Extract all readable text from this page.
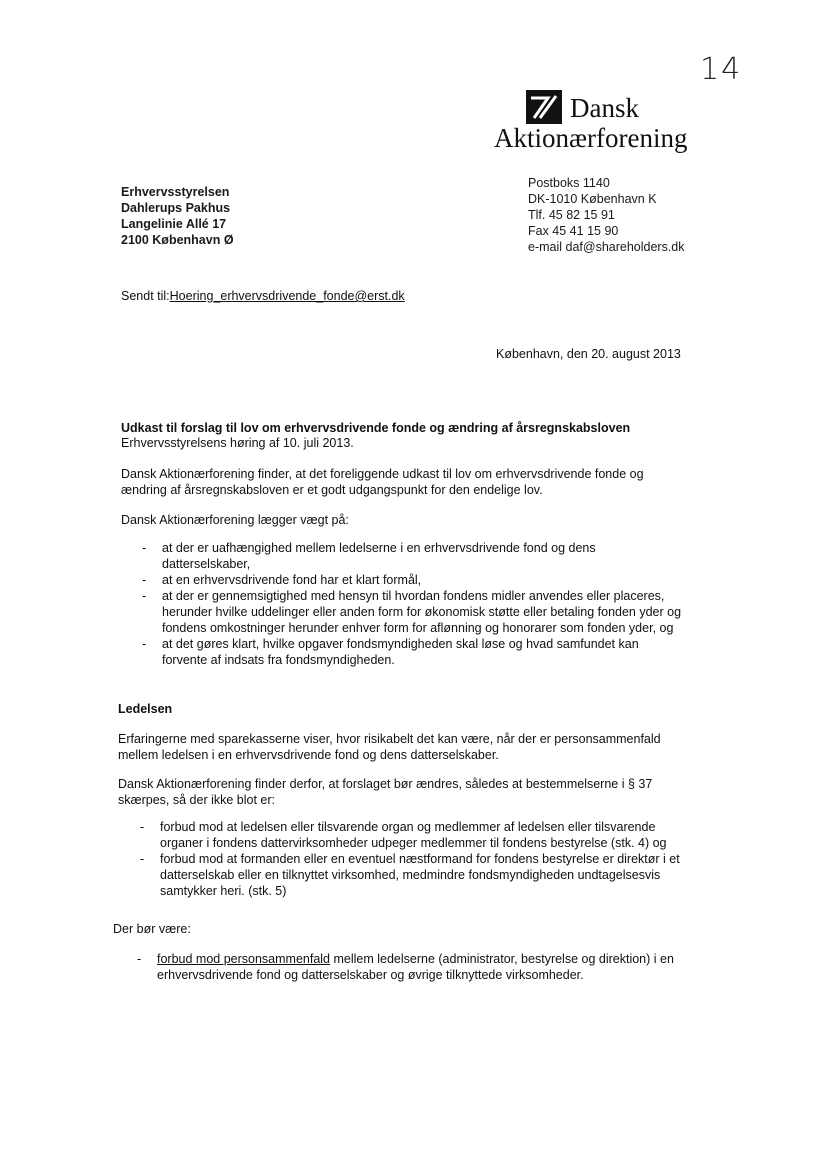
14
Dansk
Aktionærforening
Erhvervsstyrelsen
Dahlerups Pakhus
Langelinie Allé 17
2100 København Ø
Postboks 1140
DK-1010 København K
Tlf. 45 82 15 91
Fax 45 41 15 90
e-mail daf@shareholders.dk
Sendt til:Hoering_erhvervsdrivende_fonde@erst.dk
København, den 20. august 2013
Udkast til forslag til lov om erhvervsdrivende fonde og ændring af årsregnskabsloven
Erhvervsstyrelsens høring af 10. juli 2013.
Dansk Aktionærforening finder, at det foreliggende udkast til lov om erhvervsdrivende fonde og ændring af årsregnskabsloven er et godt udgangspunkt for den endelige lov.
Dansk Aktionærforening lægger vægt på:
- at der er uafhængighed mellem ledelserne i en erhvervsdrivende fond og dens datterselskaber,
- at en erhvervsdrivende fond har et klart formål,
- at der er gennemsigtighed med hensyn til hvordan fondens midler anvendes eller placeres, herunder hvilke uddelinger eller anden form for økonomisk støtte eller betaling fonden yder og fondens omkostninger herunder enhver form for aflønning og honorarer som fonden yder, og
- at det gøres klart, hvilke opgaver fondsmyndigheden skal løse og hvad samfundet kan forvente af indsats fra fondsmyndigheden.
Ledelsen
Erfaringerne med sparekasserne viser, hvor risikabelt det kan være, når der er personsammenfald mellem ledelsen i en erhvervsdrivende fond og dens datterselskaber.
Dansk Aktionærforening finder derfor, at forslaget bør ændres, således at bestemmelserne i § 37 skærpes, så der ikke blot er:
- forbud mod at ledelsen eller tilsvarende organ og medlemmer af ledelsen eller tilsvarende organer i fondens dattervirksomheder udpeger medlemmer til fondens bestyrelse (stk. 4) og
- forbud mod at formanden eller en eventuel næstformand for fondens bestyrelse er direktør i et datterselskab eller en tilknyttet virksomhed, medmindre fondsmyndigheden undtagelsesvis samtykker heri. (stk. 5)
Der bør være:
- forbud mod personsammenfald mellem ledelserne (administrator, bestyrelse og direktion) i en erhvervsdrivende fond og datterselskaber og øvrige tilknyttede virksomheder.
